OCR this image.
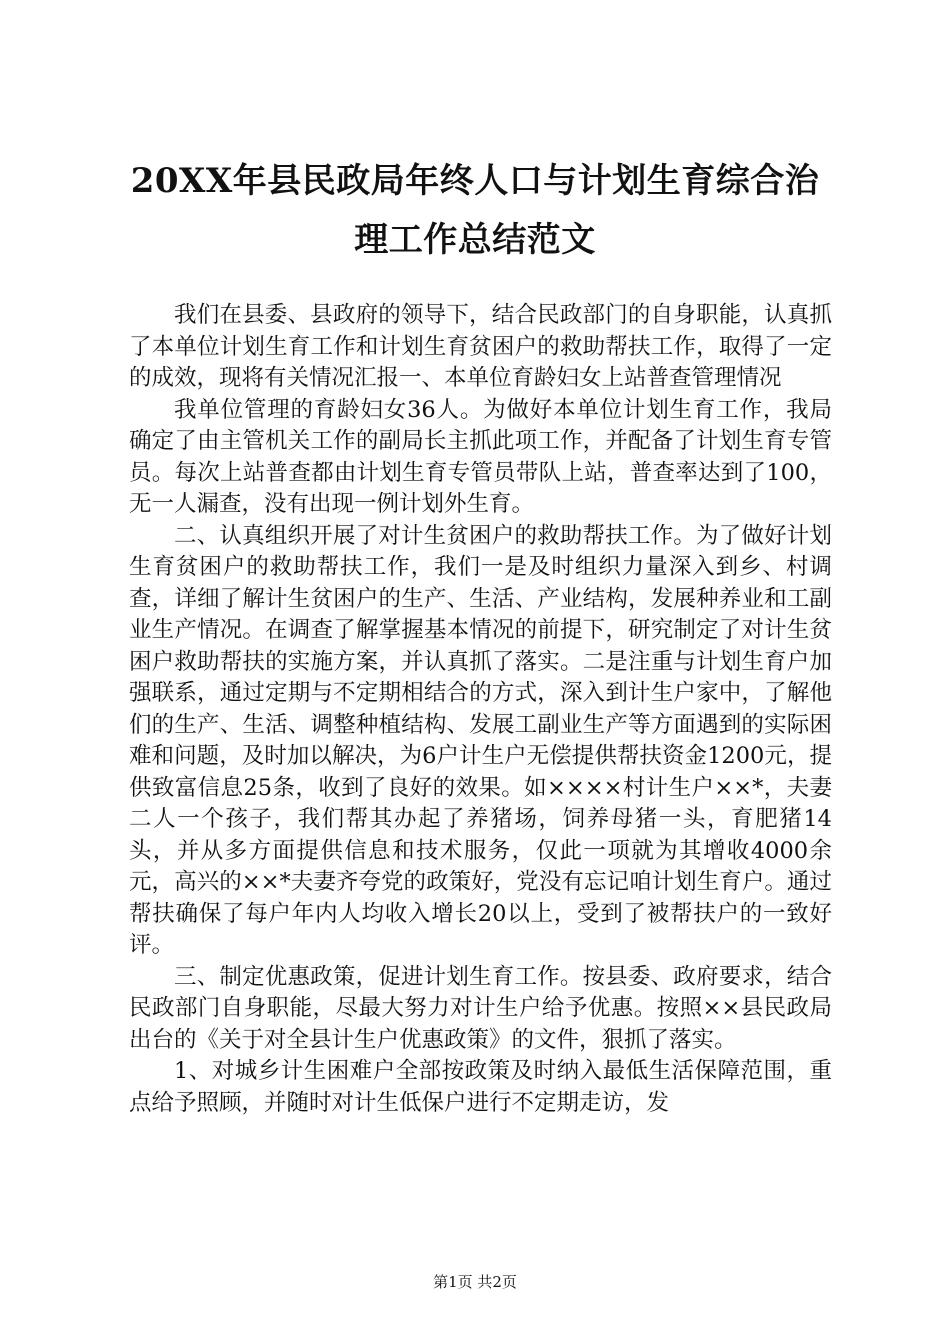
20XX年县民政局年终人口与计划生育综合治
理工作总结范文

我们在县委、县政府的领导下，结合民政部门的自身职能，认真抓了本单位计划生育工作和计划生育贫困户的救助帮扶工作，取得了一定的成效，现将有关情况汇报一、本单位育龄妇女上站普查管理情况

我单位管理的育龄妇女36人。为做好本单位计划生育工作，我局确定了由主管机关工作的副局长主抓此项工作，并配备了计划生育专管员。每次上站普查都由计划生育专管员带队上站，普查率达到了100，无一人漏查，没有出现一例计划外生育。

二、认真组织开展了对计生贫困户的救助帮扶工作。为了做好计划生育贫困户的救助帮扶工作，我们一是及时组织力量深入到乡、村调查，详细了解计生贫困户的生产、生活、产业结构，发展种养业和工副业生产情况。在调查了解掌握基本情况的前提下，研究制定了对计生贫困户救助帮扶的实施方案，并认真抓了落实。二是注重与计划生育户加强联系，通过定期与不定期相结合的方式，深入到计生户家中，了解他们的生产、生活、调整种植结构、发展工副业生产等方面遇到的实际困难和问题，及时加以解决，为6户计生户无偿提供帮扶资金1200元，提供致富信息25条，收到了良好的效果。如××××村计生户××*，夫妻二人一个孩子，我们帮其办起了养猪场，饲养母猪一头，育肥猪14头，并从多方面提供信息和技术服务，仅此一项就为其增收4000余元，高兴的××*夫妻齐夸党的政策好，党没有忘记咱计划生育户。通过帮扶确保了每户年内人均收入增长20以上，受到了被帮扶户的一致好评。

三、制定优惠政策，促进计划生育工作。按县委、政府要求，结合民政部门自身职能，尽最大努力对计生户给予优惠。按照××县民政局出台的《关于对全县计生户优惠政策》的文件，狠抓了落实。

1、对城乡计生困难户全部按政策及时纳入最低生活保障范围，重点给予照顾，并随时对计生低保户进行不定期走访，发

第1页 共2页
